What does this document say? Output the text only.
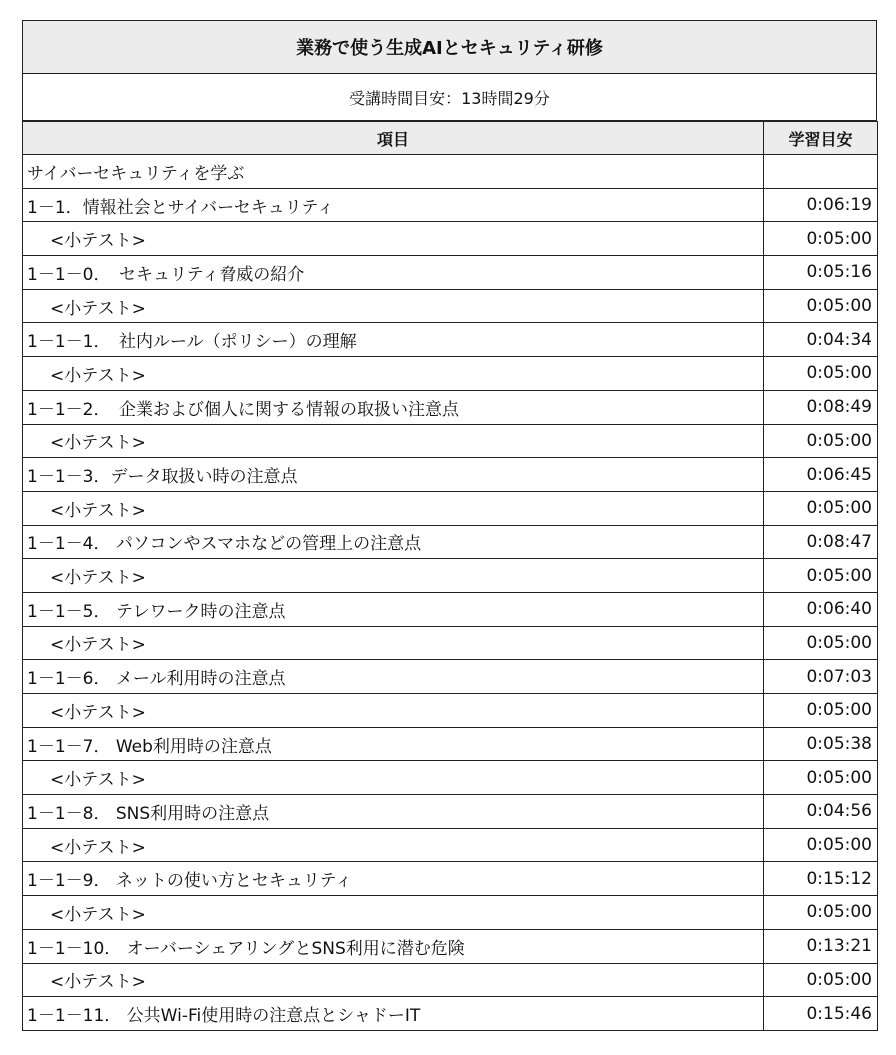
業務で使う生成AIとセキュリティ研修
受講時間目安：13時間29分
項目	学習目安
サイバーセキュリティを学ぶ	
1－1．情報社会とサイバーセキュリティ	0:06:19
<小テスト>	0:05:00
1－1－0．　セキュリティ脅威の紹介	0:05:16
<小テスト>	0:05:00
1－1－1．　社内ルール（ポリシー）の理解	0:04:34
<小テスト>	0:05:00
1－1－2．　企業および個人に関する情報の取扱い注意点	0:08:49
<小テスト>	0:05:00
1－1－3．データ取扱い時の注意点	0:06:45
<小テスト>	0:05:00
1－1－4． パソコンやスマホなどの管理上の注意点	0:08:47
<小テスト>	0:05:00
1－1－5． テレワーク時の注意点	0:06:40
<小テスト>	0:05:00
1－1－6． メール利用時の注意点	0:07:03
<小テスト>	0:05:00
1－1－7． Web利用時の注意点	0:05:38
<小テスト>	0:05:00
1－1－8． SNS利用時の注意点	0:04:56
<小テスト>	0:05:00
1－1－9． ネットの使い方とセキュリティ	0:15:12
<小テスト>	0:05:00
1－1－10． オーバーシェアリングとSNS利用に潜む危険	0:13:21
<小テスト>	0:05:00
1－1－11． 公共Wi-Fi使用時の注意点とシャドーIT	0:15:46
